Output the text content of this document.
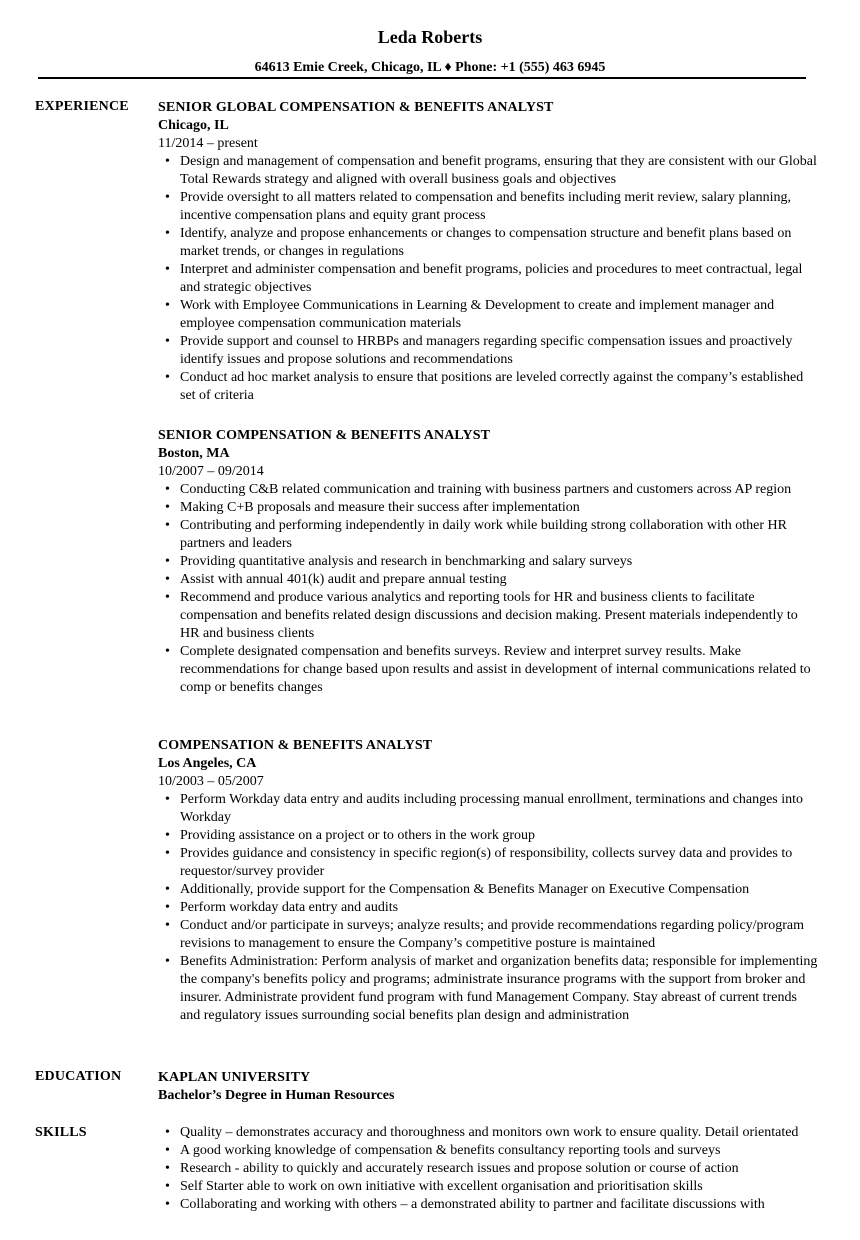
Leda Roberts
64613 Emie Creek, Chicago, IL ♦ Phone: +1 (555) 463 6945
EXPERIENCE SENIOR GLOBAL COMPENSATION & BENEFITS ANALYST
Chicago, IL
11/2014 – present
• Design and management of compensation and benefit programs, ensuring that they are consistent with our Global Total Rewards strategy and aligned with overall business goals and objectives
• Provide oversight to all matters related to compensation and benefits including merit review, salary planning, incentive compensation plans and equity grant process
• Identify, analyze and propose enhancements or changes to compensation structure and benefit plans based on market trends, or changes in regulations
• Interpret and administer compensation and benefit programs, policies and procedures to meet contractual, legal and strategic objectives
• Work with Employee Communications in Learning & Development to create and implement manager and employee compensation communication materials
• Provide support and counsel to HRBPs and managers regarding specific compensation issues and proactively identify issues and propose solutions and recommendations
• Conduct ad hoc market analysis to ensure that positions are leveled correctly against the company’s established set of criteria
SENIOR COMPENSATION & BENEFITS ANALYST
Boston, MA
10/2007 – 09/2014
• Conducting C&B related communication and training with business partners and customers across AP region
• Making C+B proposals and measure their success after implementation
• Contributing and performing independently in daily work while building strong collaboration with other HR partners and leaders
• Providing quantitative analysis and research in benchmarking and salary surveys
• Assist with annual 401(k) audit and prepare annual testing
• Recommend and produce various analytics and reporting tools for HR and business clients to facilitate compensation and benefits related design discussions and decision making. Present materials independently to HR and business clients
• Complete designated compensation and benefits surveys. Review and interpret survey results. Make recommendations for change based upon results and assist in development of internal communications related to comp or benefits changes
COMPENSATION & BENEFITS ANALYST
Los Angeles, CA
10/2003 – 05/2007
• Perform Workday data entry and audits including processing manual enrollment, terminations and changes into Workday
• Providing assistance on a project or to others in the work group
• Provides guidance and consistency in specific region(s) of responsibility, collects survey data and provides to requestor/survey provider
• Additionally, provide support for the Compensation & Benefits Manager on Executive Compensation
• Perform workday data entry and audits
• Conduct and/or participate in surveys; analyze results; and provide recommendations regarding policy/program revisions to management to ensure the Company’s competitive posture is maintained
• Benefits Administration: Perform analysis of market and organization benefits data; responsible for implementing the company's benefits policy and programs; administrate insurance programs with the support from broker and insurer. Administrate provident fund program with fund Management Company. Stay abreast of current trends and regulatory issues surrounding social benefits plan design and administration
EDUCATION	KAPLAN UNIVERSITY
Bachelor’s Degree in Human Resources
SKILLS
•	Quality – demonstrates accuracy and thoroughness and monitors own work to ensure quality. Detail orientated
• A good working knowledge of compensation & benefits consultancy reporting tools and surveys
• Research - ability to quickly and accurately research issues and propose solution or course of action
• Self Starter able to work on own initiative with excellent organisation and prioritisation skills
• Collaborating and working with others – a demonstrated ability to partner and facilitate discussions with
